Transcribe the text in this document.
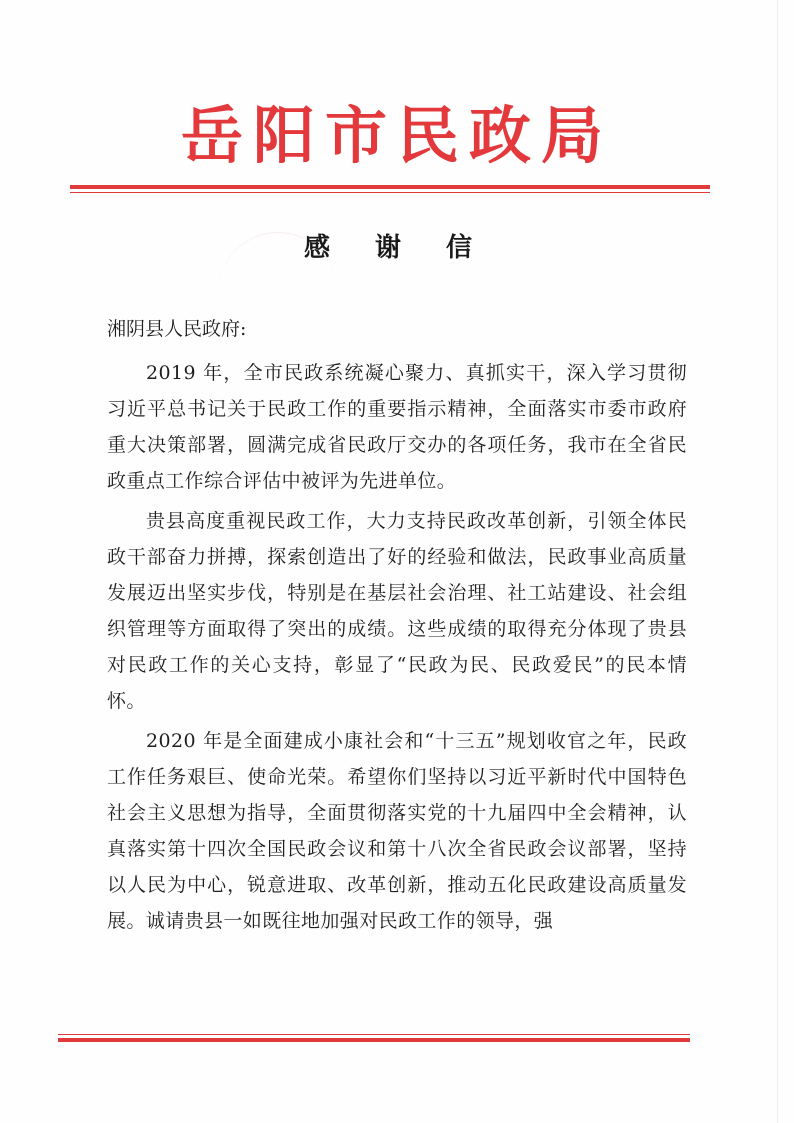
岳阳市民政局
感 谢 信
湘阴县人民政府:

2019 年，全市民政系统凝心聚力、真抓实干，深入学习贯彻习近平总书记关于民政工作的重要指示精神，全面落实市委市政府重大决策部署，圆满完成省民政厅交办的各项任务，我市在全省民政重点工作综合评估中被评为先进单位。

贵县高度重视民政工作，大力支持民政改革创新，引领全体民政干部奋力拼搏，探索创造出了好的经验和做法，民政事业高质量发展迈出坚实步伐，特别是在基层社会治理、社工站建设、社会组织管理等方面取得了突出的成绩。这些成绩的取得充分体现了贵县对民政工作的关心支持，彰显了“民政为民、民政爱民”的民本情怀。

2020 年是全面建成小康社会和“十三五”规划收官之年，民政工作任务艰巨、使命光荣。希望你们坚持以习近平新时代中国特色社会主义思想为指导，全面贯彻落实党的十九届四中全会精神，认真落实第十四次全国民政会议和第十八次全省民政会议部署，坚持以人民为中心，锐意进取、改革创新，推动五化民政建设高质量发展。诚请贵县一如既往地加强对民政工作的领导，强
